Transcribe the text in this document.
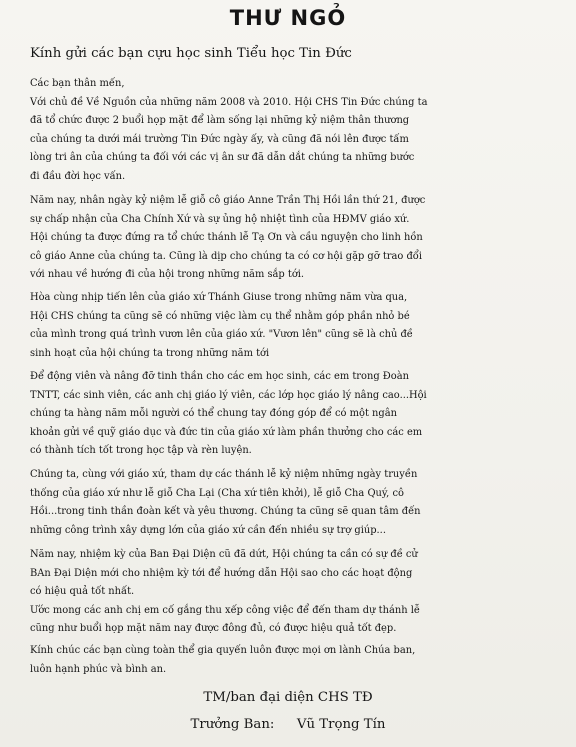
THƯ NGỎ
Kính gửi các bạn cựu học sinh Tiểu học Tin Đức
Các bạn thân mến,
Với chủ đề Về Nguồn của những năm 2008 và 2010. Hội CHS Tin Đức chúng ta
đã tổ chức được 2 buổi họp mặt để làm sống lại những kỷ niệm thân thương
của chúng ta dưới mái trường Tin Đức ngày ấy, và cũng đã nói lên được tấm
lòng tri ân của chúng ta đối với các vị ân sư đã dẫn dắt chúng ta những bước
đi đầu đời học vấn.
Năm nay, nhân ngày kỷ niệm lễ giỗ cô giáo Anne Trần Thị Hồi lần thứ 21, được
sự chấp nhận của Cha Chính Xứ và sự ủng hộ nhiệt tình của HĐMV giáo xứ.
Hội chúng ta được đứng ra tổ chức thánh lễ Tạ Ơn và cầu nguyện cho linh hồn
cô giáo Anne của chúng ta. Cũng là dịp cho chúng ta có cơ hội gặp gỡ trao đổi
với nhau về hướng đi của hội trong những năm sắp tới.
Hòa cùng nhịp tiến lên của giáo xứ Thánh Giuse trong những năm vừa qua,
Hội CHS chúng ta cũng sẽ có những việc làm cụ thể nhằm góp phần nhỏ bé
của mình trong quá trình vươn lên của giáo xứ. "Vươn lên" cũng sẽ là chủ đề
sinh hoạt của hội chúng ta trong những năm tới
Để động viên và nâng đỡ tinh thần cho các em học sinh, các em trong Đoàn
TNTT, các sinh viên, các anh chị giáo lý viên, các lớp học giáo lý nâng cao...Hội
chúng ta hàng năm mỗi người có thể chung tay đóng góp để có một ngân
khoản gửi về quỹ giáo dục và đức tin của giáo xứ làm phần thưởng cho các em
có thành tích tốt trong học tập và rèn luyện.
Chúng ta, cùng với giáo xứ, tham dự các thánh lễ kỷ niệm những ngày truyền
thống của giáo xứ như lễ giỗ Cha Lại (Cha xứ tiên khởi), lễ giỗ Cha Quý, cô
Hồi...trong tinh thần đoàn kết và yêu thương. Chúng ta cũng sẽ quan tâm đến
những công trình xây dựng lớn của giáo xứ cần đến nhiều sự trợ giúp...
Năm nay, nhiệm kỳ của Ban Đại Diện cũ đã dứt, Hội chúng ta cần có sự đề cử
BAn Đại Diện mới cho nhiệm kỳ tới để hướng dẫn Hội sao cho các hoạt động
có hiệu quả tốt nhất.
Ước mong các anh chị em cố gắng thu xếp công việc để đến tham dự thánh lễ
cũng như buổi họp mặt năm nay được đông đủ, có được hiệu quả tốt đẹp.
Kính chúc các bạn cùng toàn thể gia quyến luôn được mọi ơn lành Chúa ban,
luôn hạnh phúc và bình an.
TM/ban đại diện CHS TĐ
Trưởng Ban: Vũ Trọng Tín
